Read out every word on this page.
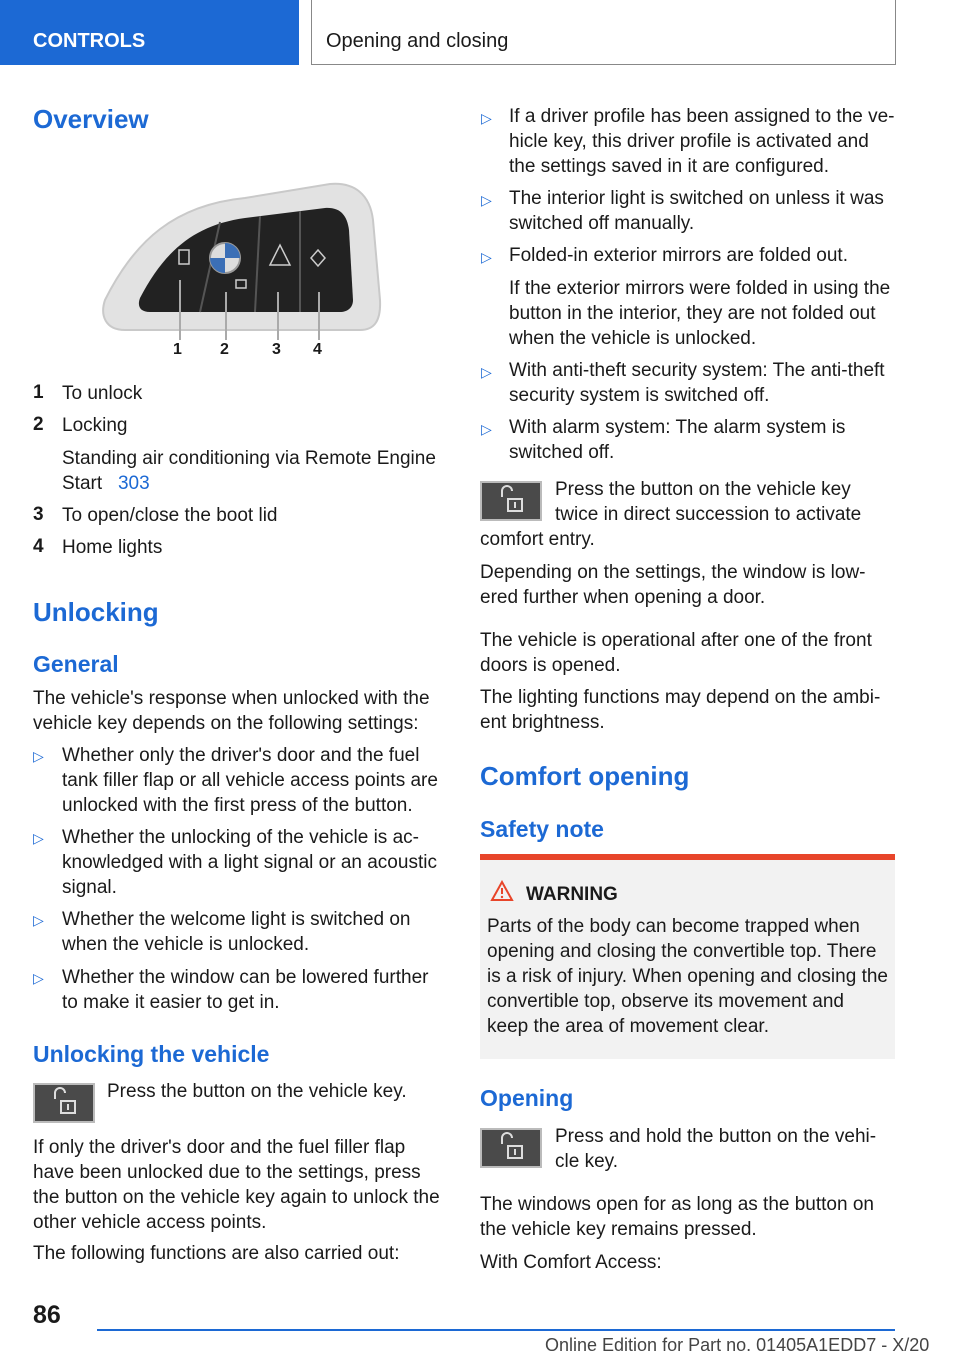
CONTROLS	Opening and closing
Overview
1 2	3 4
1 To unlock
2 Locking
Standing air conditioning via Remote Engine
Start 303
3 To open/close the boot lid
4 Home lights
Unlocking
General
The vehicle's response when unlocked with the
vehicle key depends on the following settings:
▷ Whether only the driver's door and the fuel
tank filler flap or all vehicle access points are
unlocked with the first press of the button.
▷ Whether the unlocking of the vehicle is ac-
knowledged with a light signal or an acoustic
signal.
▷ Whether the welcome light is switched on
when the vehicle is unlocked.
▷ Whether the window can be lowered further
to make it easier to get in.
Unlocking the vehicle
Press the button on the vehicle key.
If only the driver's door and the fuel filler flap
have been unlocked due to the settings, press
the button on the vehicle key again to unlock the
other vehicle access points.
The following functions are also carried out:
▷ If a driver profile has been assigned to the ve-
hicle key, this driver profile is activated and
the settings saved in it are configured.
▷ The interior light is switched on unless it was
switched off manually.
▷ Folded-in exterior mirrors are folded out.
If the exterior mirrors were folded in using the
button in the interior, they are not folded out
when the vehicle is unlocked.
▷ With anti-theft security system: The anti-theft
security system is switched off.
▷ With alarm system: The alarm system is
switched off.
Press the button on the vehicle key
twice in direct succession to activate
comfort entry.
Depending on the settings, the window is low-
ered further when opening a door.
The vehicle is operational after one of the front
doors is opened.
The lighting functions may depend on the ambi-
ent brightness.
Comfort opening
Safety note
WARNING
Parts of the body can become trapped when
opening and closing the convertible top. There
is a risk of injury. When opening and closing the
convertible top, observe its movement and
keep the area of movement clear.
Opening
Press and hold the button on the vehi-
cle key.
The windows open for as long as the button on
the vehicle key remains pressed.
With Comfort Access:
86
Online Edition for Part no. 01405A1EDD7 - X/20
